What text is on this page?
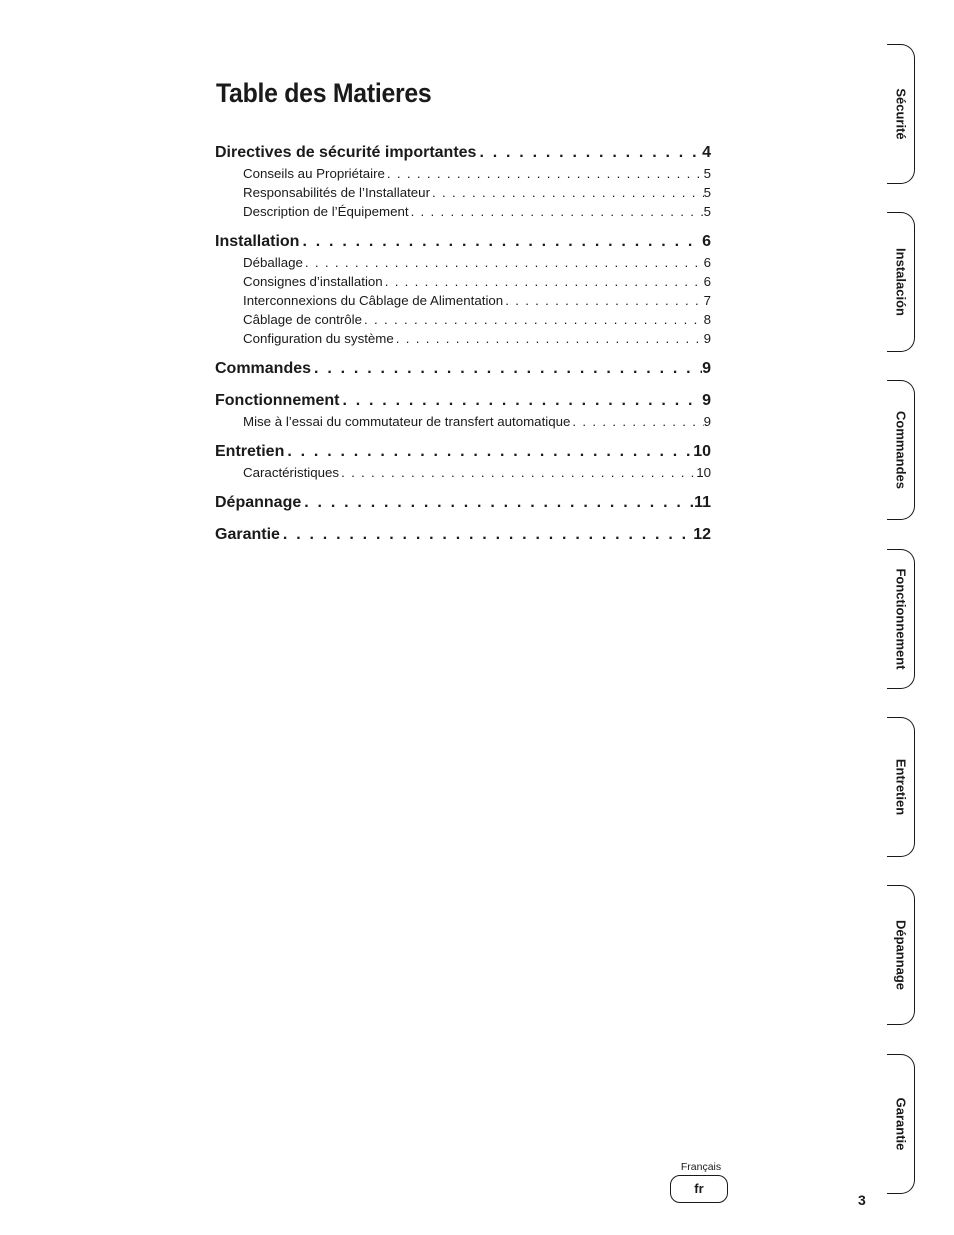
Table des Matieres
Directives de sécurité importantes . . .	4
Conseils au Propriétaire . . .	5
Responsabilités de l’Installateur . . .	5
Description de l’Équipement . . .	5
Installation . . .	6
Déballage . . .	6
Consignes d’installation . . .	6
Interconnexions du Câblage de Alimentation . . .	7
Câblage de contrôle . . .	8
Configuration du système . . .	9
Commandes . . .	9
Fonctionnement . . .	9
Mise à l’essai du commutateur de transfert automatique . . .	9
Entretien . . .	10
Caractéristiques . . .	10
Dépannage . . .	11
Garantie . . .	12
Sécurité
Instalación
Commandes
Fonctionnement
Entretien
Dépannage
Garantie
Français
fr
3
